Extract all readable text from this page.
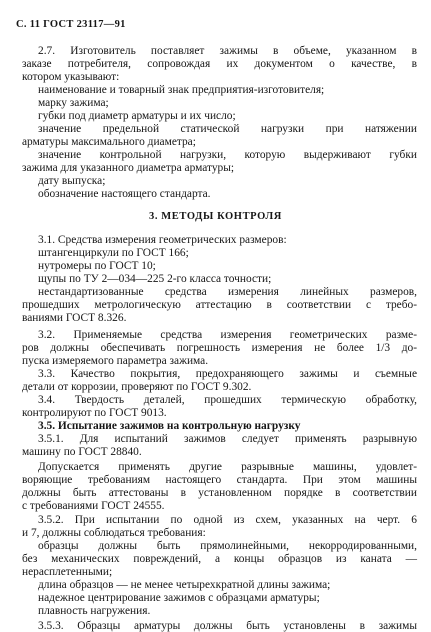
С. 11 ГОСТ 23117—91
2.7. Изготовитель поставляет зажимы в объеме, указанном в
заказе потребителя, сопровождая их документом о качестве, в
котором указывают:
наименование и товарный знак предприятия-изготовителя;
марку зажима;
губки под диаметр арматуры и их число;
значение предельной статической нагрузки при натяжении
арматуры максимального диаметра;
значение контрольной нагрузки, которую выдерживают губки
зажима для указанного диаметра арматуры;
дату выпуска;
обозначение настоящего стандарта.
3. МЕТОДЫ КОНТРОЛЯ
3.1. Средства измерения геометрических размеров:
штангенциркули по ГОСТ 166;
нутромеры по ГОСТ 10;
щупы по ТУ 2—034—225 2-го класса точности;
нестандартизованные средства измерения линейных размеров,
прошедших метрологическую аттестацию в соответствии с требо-
ваниями ГОСТ 8.326.
3.2. Применяемые средства измерения геометрических разме-
ров должны обеспечивать погрешность измерения не более 1/3 до-
пуска измеряемого параметра зажима.
3.3. Качество покрытия, предохраняющего зажимы и съемные
детали от коррозии, проверяют по ГОСТ 9.302.
3.4. Твердость деталей, прошедших термическую обработку,
контролируют по ГОСТ 9013.
3.5. Испытание зажимов на контрольную нагрузку
3.5.1. Для испытаний зажимов следует применять разрывную
машину по ГОСТ 28840.
Допускается применять другие разрывные машины, удовлет-
воряющие требованиям настоящего стандарта. При этом машины
должны быть аттестованы в установленном порядке в соответствии
с требованиями ГОСТ 24555.
3.5.2. При испытании по одной из схем, указанных на черт. 6
и 7, должны соблюдаться требования:
образцы должны быть прямолинейными, некорродированными,
без механических повреждений, а концы образцов из каната —
нерасплетенными;
длина образцов — не менее четырехкратной длины зажима;
надежное центрирование зажимов с образцами арматуры;
плавность нагружения.
3.5.3. Образцы арматуры должны быть установлены в зажимы
